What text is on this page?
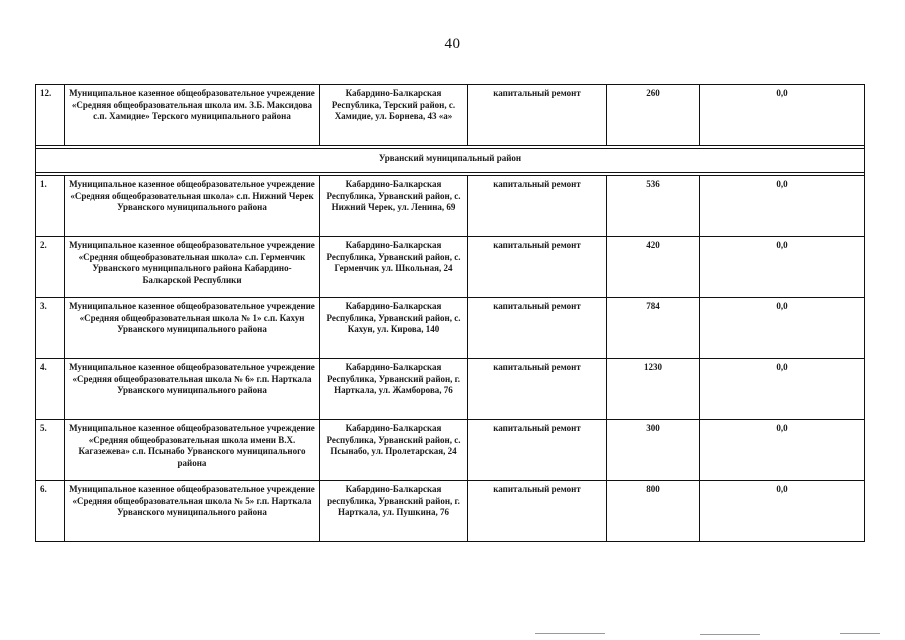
40
12.	Муниципальное казенное общеобразовательное учреждение «Средняя общеобразовательная школа им. З.Б. Максидова с.п. Хамидие» Терского муниципального района	Кабардино-Балкарская Республика, Терский район, с. Хамидие, ул. Борнева, 43 «а»	капитальный ремонт	260	0,0

Урванский муниципальный район					

1.	Муниципальное казенное общеобразовательное учреждение «Средняя общеобразовательная школа» с.п. Нижний Черек Урванского муниципального района	Кабардино-Балкарская Республика, Урванский район, с. Нижний Черек, ул. Ленина, 69	капитальный ремонт	536	0,0
2.	Муниципальное казенное общеобразовательное учреждение «Средняя общеобразовательная школа» с.п. Герменчик Урванского муниципального района Кабардино-Балкарской Республики	Кабардино-Балкарская Республика, Урванский район, с. Герменчик ул. Школьная, 24	капитальный ремонт	420	0,0
3.	Муниципальное казенное общеобразовательное учреждение «Средняя общеобразовательная школа № 1» с.п. Кахун Урванского муниципального района	Кабардино-Балкарская Республика, Урванский район, с. Кахун, ул. Кирова, 140	капитальный ремонт	784	0,0
4.	Муниципальное казенное общеобразовательное учреждение «Средняя общеобразовательная школа № 6» г.п. Нарткала Урванского муниципального района	Кабардино-Балкарская Республика, Урванский район, г. Нарткала, ул. Жамборова, 76	капитальный ремонт	1230	0,0
5.	Муниципальное казенное общеобразовательное учреждение «Средняя общеобразовательная школа имени В.Х. Кагазежева» с.п. Псынабо Урванского муниципального района	Кабардино-Балкарская Республика, Урванский район, с. Псынабо, ул. Пролетарская, 24	капитальный ремонт	300	0,0
6.	Муниципальное казенное общеобразовательное учреждение «Средняя общеобразовательная школа № 5» г.п. Нарткала Урванского муниципального района	Кабардино-Балкарская республика, Урванский район, г. Нарткала, ул. Пушкина, 76	капитальный ремонт	800	0,0
